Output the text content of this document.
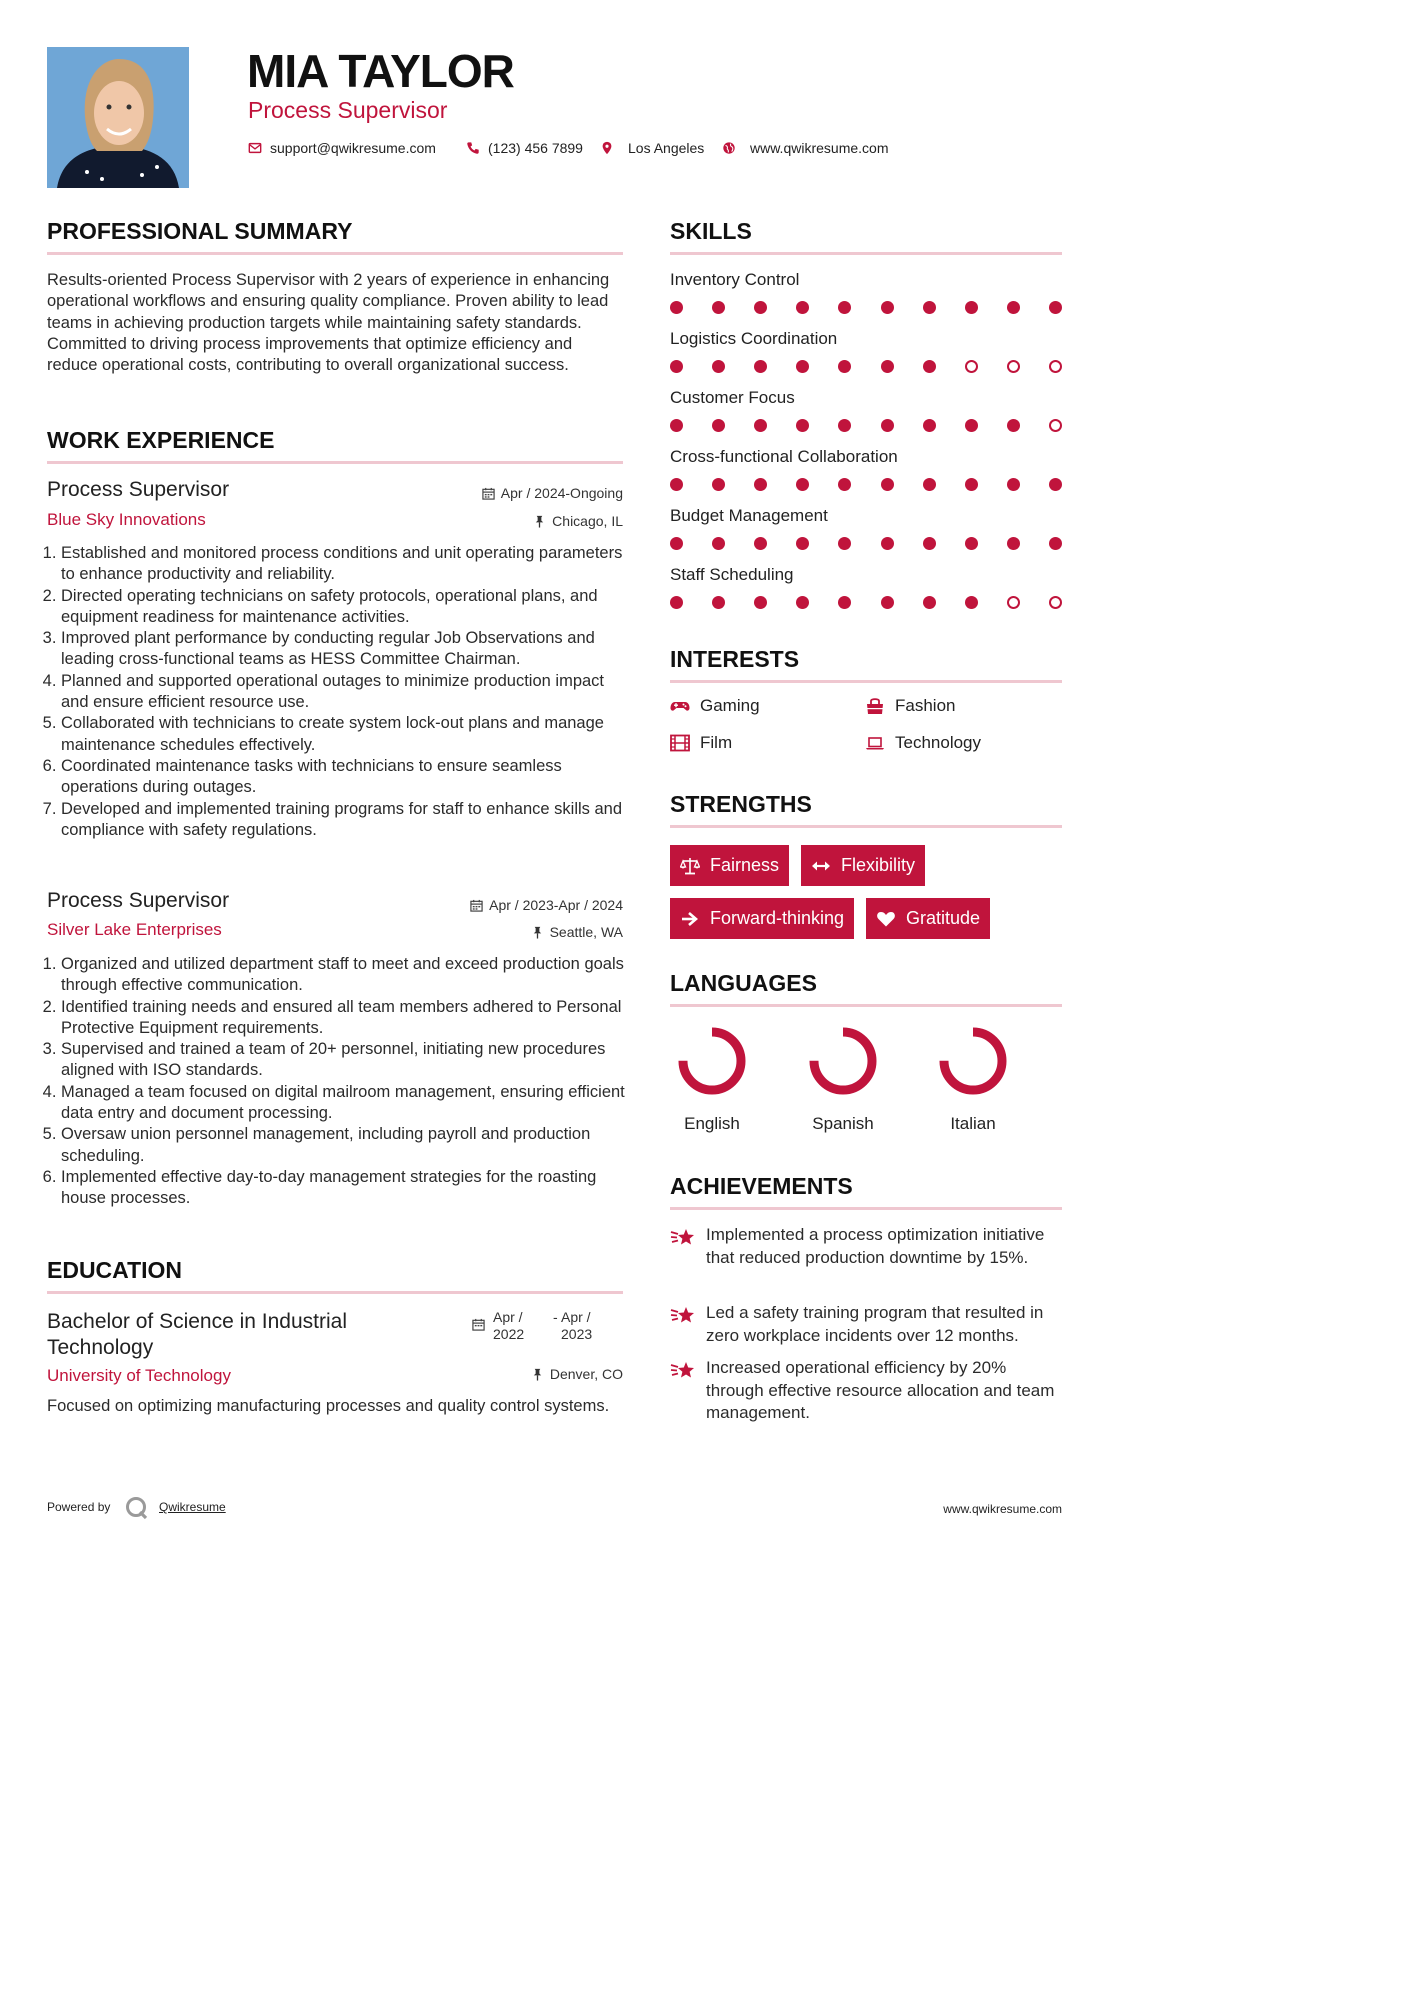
MIA TAYLOR
Process Supervisor
support@qwikresume.com	(123) 456 7899	Los Angeles	www.qwikresume.com
PROFESSIONAL SUMMARY
Results-oriented Process Supervisor with 2 years of experience in enhancing operational workflows and ensuring quality compliance. Proven ability to lead teams in achieving production targets while maintaining safety standards. Committed to driving process improvements that optimize efficiency and reduce operational costs, contributing to overall organizational success.
WORK EXPERIENCE
Process Supervisor
Blue Sky Innovations
Apr / 2024-Ongoing
Chicago, IL
1. Established and monitored process conditions and unit operating parameters to enhance productivity and reliability.
2. Directed operating technicians on safety protocols, operational plans, and equipment readiness for maintenance activities.
3. Improved plant performance by conducting regular Job Observations and leading cross-functional teams as HESS Committee Chairman.
4. Planned and supported operational outages to minimize production impact and ensure efficient resource use.
5. Collaborated with technicians to create system lock-out plans and manage maintenance schedules effectively.
6. Coordinated maintenance tasks with technicians to ensure seamless operations during outages.
7. Developed and implemented training programs for staff to enhance skills and compliance with safety regulations.
Process Supervisor
Silver Lake Enterprises
Apr / 2023-Apr / 2024
Seattle, WA
1. Organized and utilized department staff to meet and exceed production goals through effective communication.
2. Identified training needs and ensured all team members adhered to Personal Protective Equipment requirements.
3. Supervised and trained a team of 20+ personnel, initiating new procedures aligned with ISO standards.
4. Managed a team focused on digital mailroom management, ensuring efficient data entry and document processing.
5. Oversaw union personnel management, including payroll and production scheduling.
6. Implemented effective day-to-day management strategies for the roasting house processes.
EDUCATION
Bachelor of Science in Industrial Technology
Apr / 2022
- Apr / 2023
University of Technology	Denver, CO
Focused on optimizing manufacturing processes and quality control systems.
SKILLS
Inventory Control
Logistics Coordination
Customer Focus
Cross-functional Collaboration
Budget Management
Staff Scheduling
INTERESTS
Gaming	Fashion
Film	Technology
STRENGTHS
Fairness	Flexibility
Forward-thinking	Gratitude
LANGUAGES
English	Spanish	Italian
ACHIEVEMENTS
Implemented a process optimization initiative that reduced production downtime by 15%.
Led a safety training program that resulted in zero workplace incidents over 12 months.
Increased operational efficiency by 20% through effective resource allocation and team management.
Powered by	Qwikresume	www.qwikresume.com
